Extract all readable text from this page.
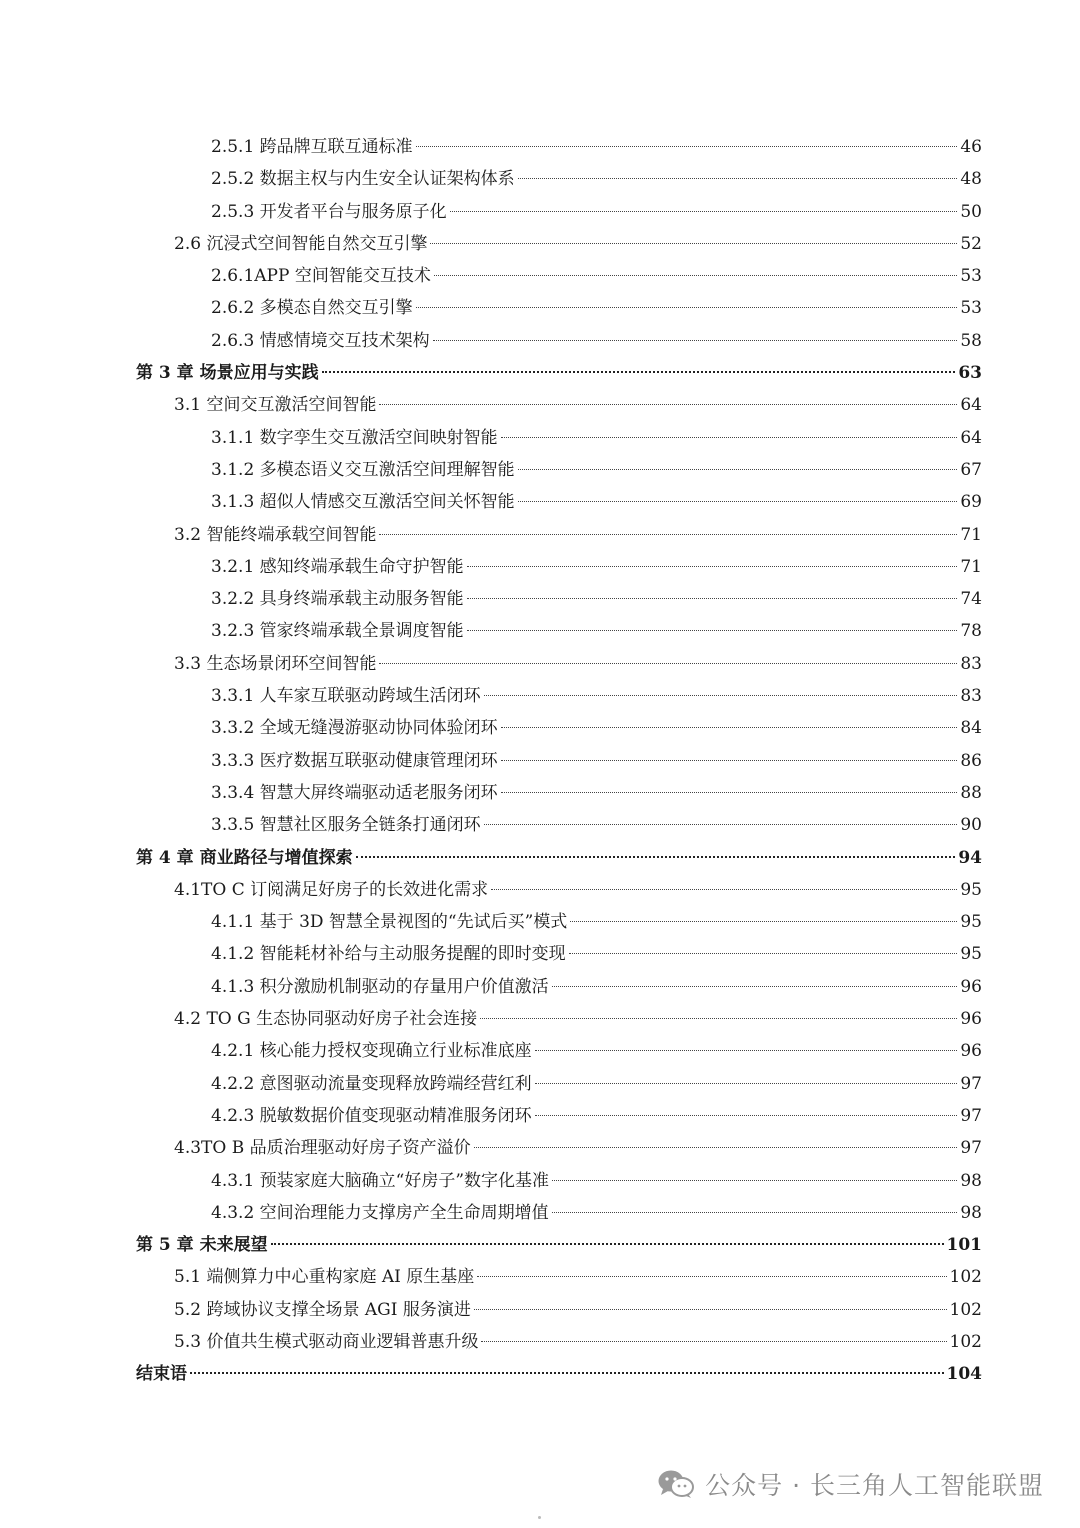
2.5.1 跨品牌互联互通标准	46
2.5.2 数据主权与内生安全认证架构体系	48
2.5.3 开发者平台与服务原子化	50
2.6 沉浸式空间智能自然交互引擎	52
2.6.1APP 空间智能交互技术	53
2.6.2 多模态自然交互引擎	53
2.6.3 情感情境交互技术架构	58
第 3 章 场景应用与实践	63
3.1 空间交互激活空间智能	64
3.1.1 数字孪生交互激活空间映射智能	64
3.1.2 多模态语义交互激活空间理解智能	67
3.1.3 超似人情感交互激活空间关怀智能	69
3.2 智能终端承载空间智能	71
3.2.1 感知终端承载生命守护智能	71
3.2.2 具身终端承载主动服务智能	74
3.2.3 管家终端承载全景调度智能	78
3.3 生态场景闭环空间智能	83
3.3.1 人车家互联驱动跨域生活闭环	83
3.3.2 全域无缝漫游驱动协同体验闭环	84
3.3.3 医疗数据互联驱动健康管理闭环	86
3.3.4 智慧大屏终端驱动适老服务闭环	88
3.3.5 智慧社区服务全链条打通闭环	90
第 4 章 商业路径与增值探索	94
4.1TO C 订阅满足好房子的长效进化需求	95
4.1.1 基于 3D 智慧全景视图的“先试后买”模式	95
4.1.2 智能耗材补给与主动服务提醒的即时变现	95
4.1.3 积分激励机制驱动的存量用户价值激活	96
4.2 TO G 生态协同驱动好房子社会连接	96
4.2.1 核心能力授权变现确立行业标准底座	96
4.2.2 意图驱动流量变现释放跨端经营红利	97
4.2.3 脱敏数据价值变现驱动精准服务闭环	97
4.3TO B 品质治理驱动好房子资产溢价	97
4.3.1 预装家庭大脑确立“好房子”数字化基准	98
4.3.2 空间治理能力支撑房产全生命周期增值	98
第 5 章 未来展望	101
5.1 端侧算力中心重构家庭 AI 原生基座	102
5.2 跨域协议支撑全场景 AGI 服务演进	102
5.3 价值共生模式驱动商业逻辑普惠升级	102
结束语	104
公众号 · 长三角人工智能联盟
